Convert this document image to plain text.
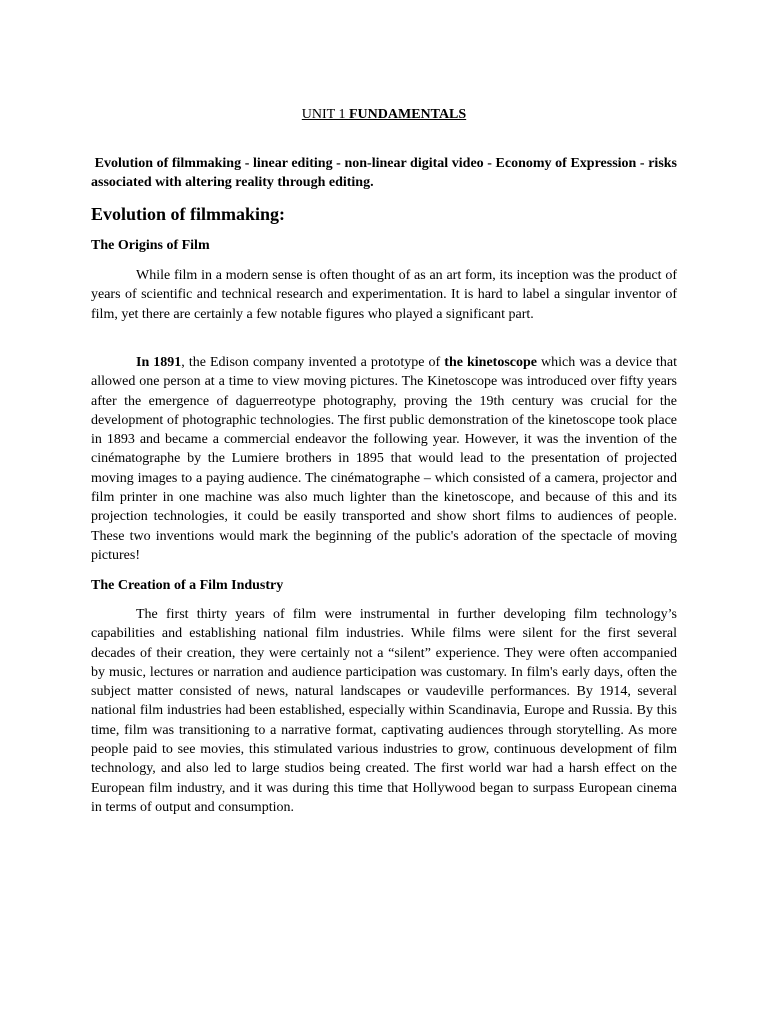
UNIT 1 FUNDAMENTALS
Evolution of filmmaking - linear editing - non-linear digital video - Economy of Expression - risks associated with altering reality through editing.
Evolution of filmmaking:
The Origins of Film
While film in a modern sense is often thought of as an art form, its inception was the product of years of scientific and technical research and experimentation. It is hard to label a singular inventor of film, yet there are certainly a few notable figures who played a significant part.
In 1891, the Edison company invented a prototype of the kinetoscope which was a device that allowed one person at a time to view moving pictures. The Kinetoscope was introduced over fifty years after the emergence of daguerreotype photography, proving the 19th century was crucial for the development of photographic technologies. The first public demonstration of the kinetoscope took place in 1893 and became a commercial endeavor the following year. However, it was the invention of the cinématographe by the Lumiere brothers in 1895 that would lead to the presentation of projected moving images to a paying audience. The cinématographe – which consisted of a camera, projector and film printer in one machine was also much lighter than the kinetoscope, and because of this and its projection technologies, it could be easily transported and show short films to audiences of people. These two inventions would mark the beginning of the public's adoration of the spectacle of moving pictures!
The Creation of a Film Industry
The first thirty years of film were instrumental in further developing film technology’s capabilities and establishing national film industries. While films were silent for the first several decades of their creation, they were certainly not a “silent” experience. They were often accompanied by music, lectures or narration and audience participation was customary. In film's early days, often the subject matter consisted of news, natural landscapes or vaudeville performances. By 1914, several national film industries had been established, especially within Scandinavia, Europe and Russia. By this time, film was transitioning to a narrative format, captivating audiences through storytelling. As more people paid to see movies, this stimulated various industries to grow, continuous development of film technology, and also led to large studios being created. The first world war had a harsh effect on the European film industry, and it was during this time that Hollywood began to surpass European cinema in terms of output and consumption.
